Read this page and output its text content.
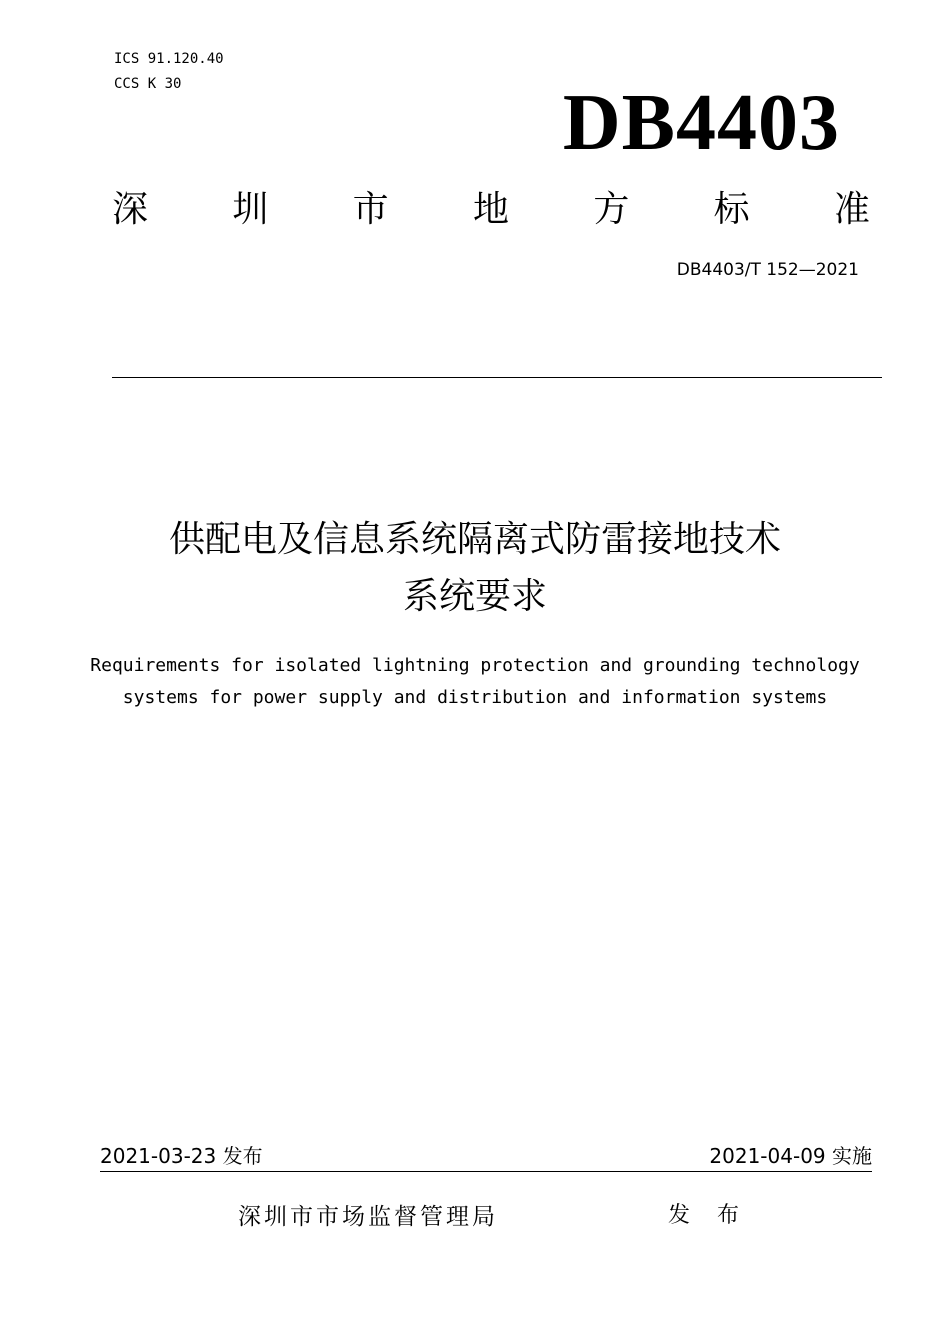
ICS 91.120.40
CCS K 30	DB4403
深 圳 市 地 方 标 准
DB4403/T 152—2021
供配电及信息系统隔离式防雷接地技术
系统要求
Requirements for isolated lightning protection and grounding technology
systems for power supply and distribution and information systems
2021-03-23 发布	2021-04-09 实施
深圳市市场监督管理局	发 布
